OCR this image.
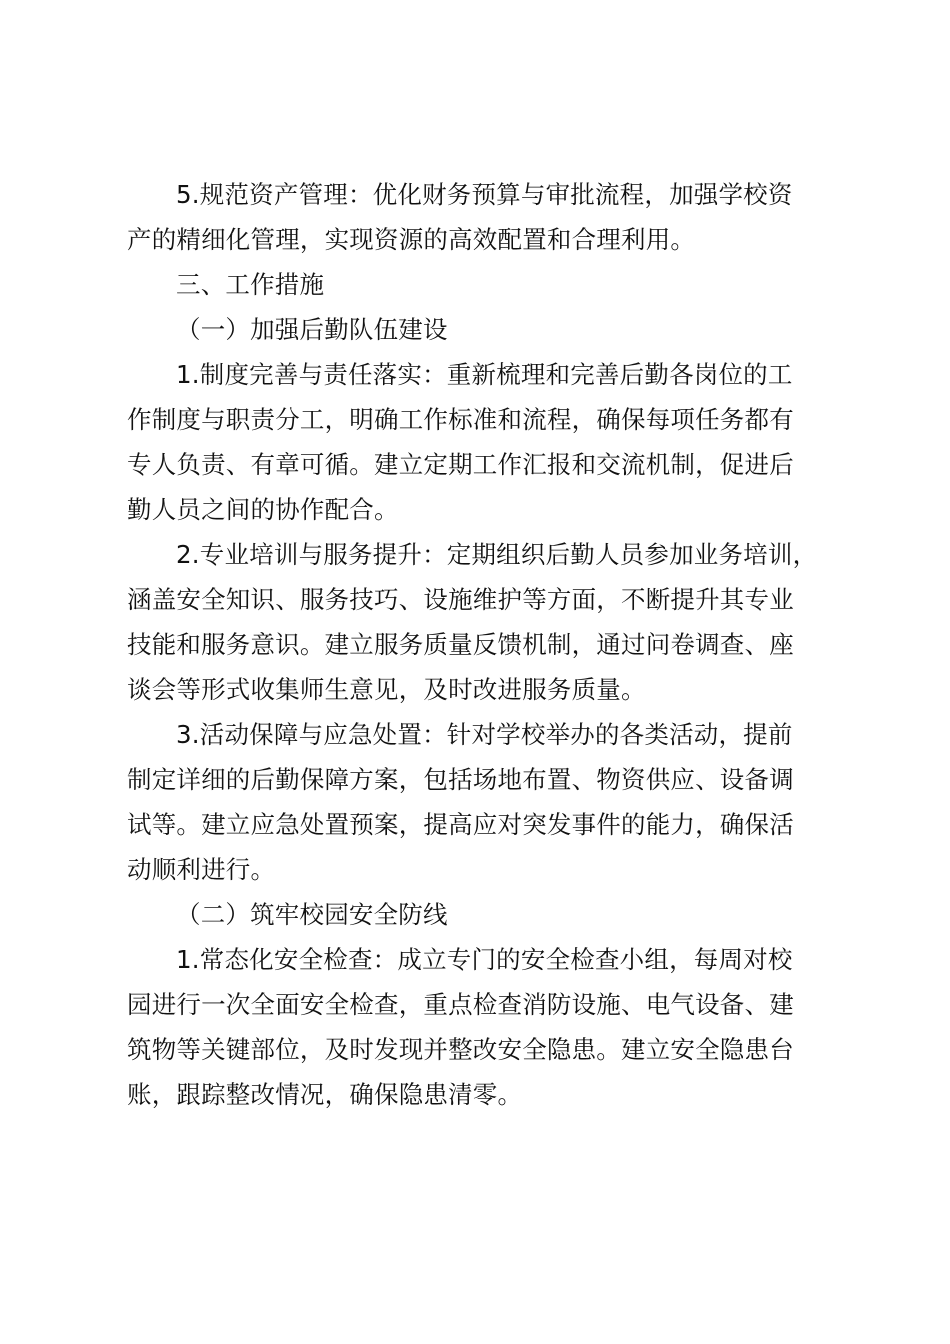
5.规范资产管理：优化财务预算与审批流程，加强学校资
产的精细化管理，实现资源的高效配置和合理利用。

三、工作措施

（一）加强后勤队伍建设

1.制度完善与责任落实：重新梳理和完善后勤各岗位的工
作制度与职责分工，明确工作标准和流程，确保每项任务都有
专人负责、有章可循。建立定期工作汇报和交流机制，促进后
勤人员之间的协作配合。

2.专业培训与服务提升：定期组织后勤人员参加业务培训，
涵盖安全知识、服务技巧、设施维护等方面，不断提升其专业
技能和服务意识。建立服务质量反馈机制，通过问卷调查、座
谈会等形式收集师生意见，及时改进服务质量。

3.活动保障与应急处置：针对学校举办的各类活动，提前
制定详细的后勤保障方案，包括场地布置、物资供应、设备调
试等。建立应急处置预案，提高应对突发事件的能力，确保活
动顺利进行。

（二）筑牢校园安全防线

1.常态化安全检查：成立专门的安全检查小组，每周对校
园进行一次全面安全检查，重点检查消防设施、电气设备、建
筑物等关键部位，及时发现并整改安全隐患。建立安全隐患台
账，跟踪整改情况，确保隐患清零。
